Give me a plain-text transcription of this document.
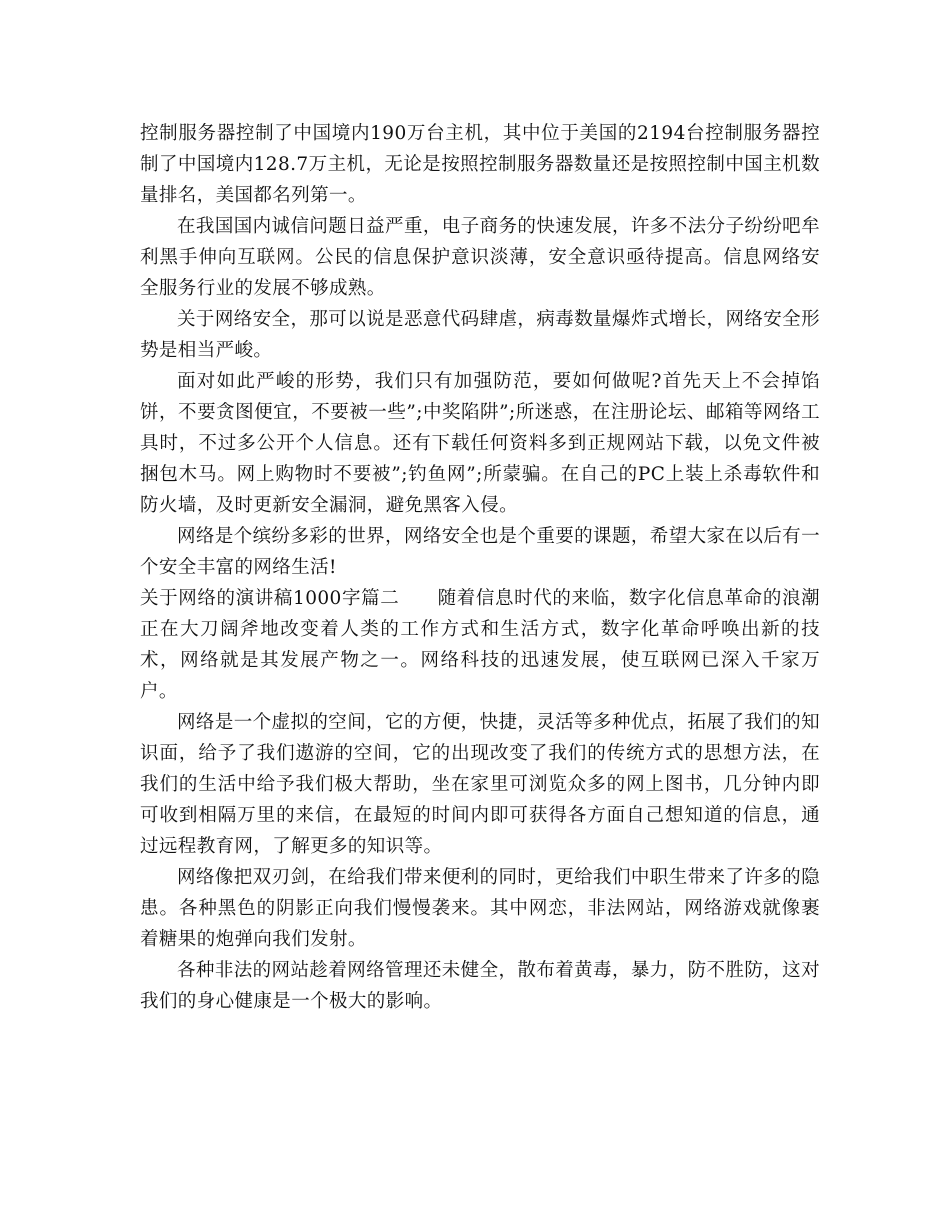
控制服务器控制了中国境内190万台主机，其中位于美国的2194台控制服务器控制了中国境内128.7万主机，无论是按照控制服务器数量还是按照控制中国主机数量排名，美国都名列第一。

在我国国内诚信问题日益严重，电子商务的快速发展，许多不法分子纷纷吧牟利黑手伸向互联网。公民的信息保护意识淡薄，安全意识亟待提高。信息网络安全服务行业的发展不够成熟。

关于网络安全，那可以说是恶意代码肆虐，病毒数量爆炸式增长，网络安全形势是相当严峻。

面对如此严峻的形势，我们只有加强防范，要如何做呢?首先天上不会掉馅饼，不要贪图便宜，不要被一些”;中奖陷阱”;所迷惑，在注册论坛、邮箱等网络工具时，不过多公开个人信息。还有下载任何资料多到正规网站下载，以免文件被捆包木马。网上购物时不要被”;钓鱼网”;所蒙骗。在自己的PC上装上杀毒软件和防火墙，及时更新安全漏洞，避免黑客入侵。

网络是个缤纷多彩的世界，网络安全也是个重要的课题，希望大家在以后有一个安全丰富的网络生活!

关于网络的演讲稿1000字篇二 随着信息时代的来临，数字化信息革命的浪潮正在大刀阔斧地改变着人类的工作方式和生活方式，数字化革命呼唤出新的技术，网络就是其发展产物之一。网络科技的迅速发展，使互联网已深入千家万户。

网络是一个虚拟的空间，它的方便，快捷，灵活等多种优点，拓展了我们的知识面，给予了我们遨游的空间，它的出现改变了我们的传统方式的思想方法，在我们的生活中给予我们极大帮助，坐在家里可浏览众多的网上图书，几分钟内即可收到相隔万里的来信，在最短的时间内即可获得各方面自己想知道的信息，通过远程教育网，了解更多的知识等。

网络像把双刃剑，在给我们带来便利的同时，更给我们中职生带来了许多的隐患。各种黑色的阴影正向我们慢慢袭来。其中网恋，非法网站，网络游戏就像裹着糖果的炮弹向我们发射。

各种非法的网站趁着网络管理还未健全，散布着黄毒，暴力，防不胜防，这对我们的身心健康是一个极大的影响。
